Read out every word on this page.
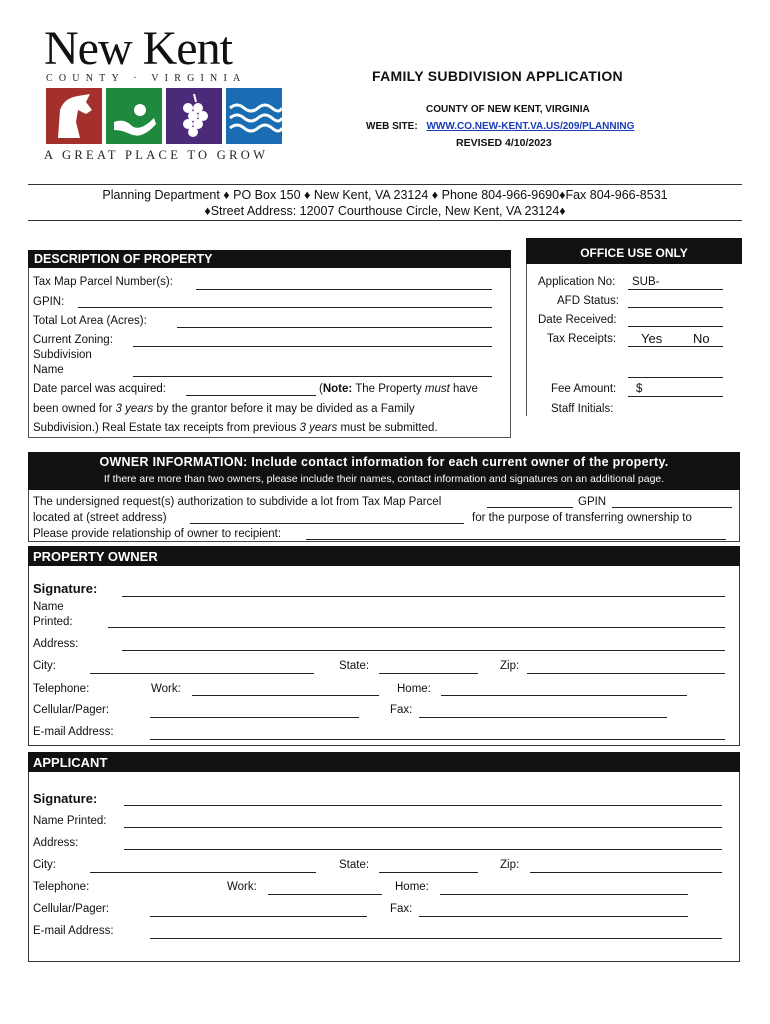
New Kent
COUNTY · VIRGINIA
A GREAT PLACE TO GROW
FAMILY SUBDIVISION APPLICATION
COUNTY OF NEW KENT, VIRGINIA
WEB SITE: WWW.CO.NEW-KENT.VA.US/209/PLANNING
REVISED 4/10/2023
Planning Department ♦ PO Box 150 ♦ New Kent, VA 23124 ♦ Phone 804-966-9690♦Fax 804-966-8531
♦Street Address: 12007 Courthouse Circle, New Kent, VA 23124♦
DESCRIPTION OF PROPERTY
Tax Map Parcel Number(s):
GPIN:
Total Lot Area (Acres):
Current Zoning:
Subdivision
Name
Date parcel was acquired:	(Note: The Property must have
been owned for 3 years by the grantor before it may be divided as a Family
Subdivision.) Real Estate tax receipts from previous 3 years must be submitted.
OFFICE USE ONLY
Application No: SUB-
AFD Status:
Date Received:
Tax Receipts: Yes No
Fee Amount: $
Staff Initials:
OWNER INFORMATION: Include contact information for each current owner of the property.
If there are more than two owners, please include their names, contact information and signatures on an additional page.
The undersigned request(s) authorization to subdivide a lot from Tax Map Parcel	GPIN
located at (street address)	for the purpose of transferring ownership to
Please provide relationship of owner to recipient:
PROPERTY OWNER
Signature:
Name
Printed:
Address:
City:	State:	Zip:
Telephone:	Work:	Home:
Cellular/Pager:	Fax:
E-mail Address:
APPLICANT
Signature:
Name Printed:
Address:
City:	State:	Zip:
Telephone:	Work:	Home:
Cellular/Pager:	Fax:
E-mail Address:
